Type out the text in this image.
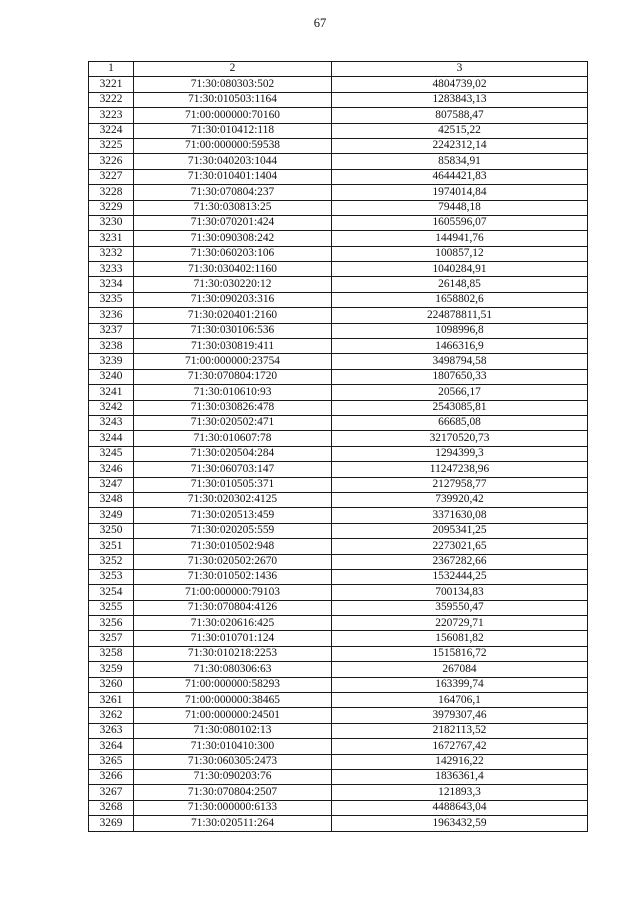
67
1	2	3
3221	71:30:080303:502	4804739,02
3222	71:30:010503:1164	1283843,13
3223	71:00:000000:70160	807588,47
3224	71:30:010412:118	42515,22
3225	71:00:000000:59538	2242312,14
3226	71:30:040203:1044	85834,91
3227	71:30:010401:1404	4644421,83
3228	71:30:070804:237	1974014,84
3229	71:30:030813:25	79448,18
3230	71:30:070201:424	1605596,07
3231	71:30:090308:242	144941,76
3232	71:30:060203:106	100857,12
3233	71:30:030402:1160	1040284,91
3234	71:30:030220:12	26148,85
3235	71:30:090203:316	1658802,6
3236	71:30:020401:2160	224878811,51
3237	71:30:030106:536	1098996,8
3238	71:30:030819:411	1466316,9
3239	71:00:000000:23754	3498794,58
3240	71:30:070804:1720	1807650,33
3241	71:30:010610:93	20566,17
3242	71:30:030826:478	2543085,81
3243	71:30:020502:471	66685,08
3244	71:30:010607:78	32170520,73
3245	71:30:020504:284	1294399,3
3246	71:30:060703:147	11247238,96
3247	71:30:010505:371	2127958,77
3248	71:30:020302:4125	739920,42
3249	71:30:020513:459	3371630,08
3250	71:30:020205:559	2095341,25
3251	71:30:010502:948	2273021,65
3252	71:30:020502:2670	2367282,66
3253	71:30:010502:1436	1532444,25
3254	71:00:000000:79103	700134,83
3255	71:30:070804:4126	359550,47
3256	71:30:020616:425	220729,71
3257	71:30:010701:124	156081,82
3258	71:30:010218:2253	1515816,72
3259	71:30:080306:63	267084
3260	71:00:000000:58293	163399,74
3261	71:00:000000:38465	164706,1
3262	71:00:000000:24501	3979307,46
3263	71:30:080102:13	2182113,52
3264	71:30:010410:300	1672767,42
3265	71:30:060305:2473	142916,22
3266	71:30:090203:76	1836361,4
3267	71:30:070804:2507	121893,3
3268	71:30:000000:6133	4488643,04
3269	71:30:020511:264	1963432,59
